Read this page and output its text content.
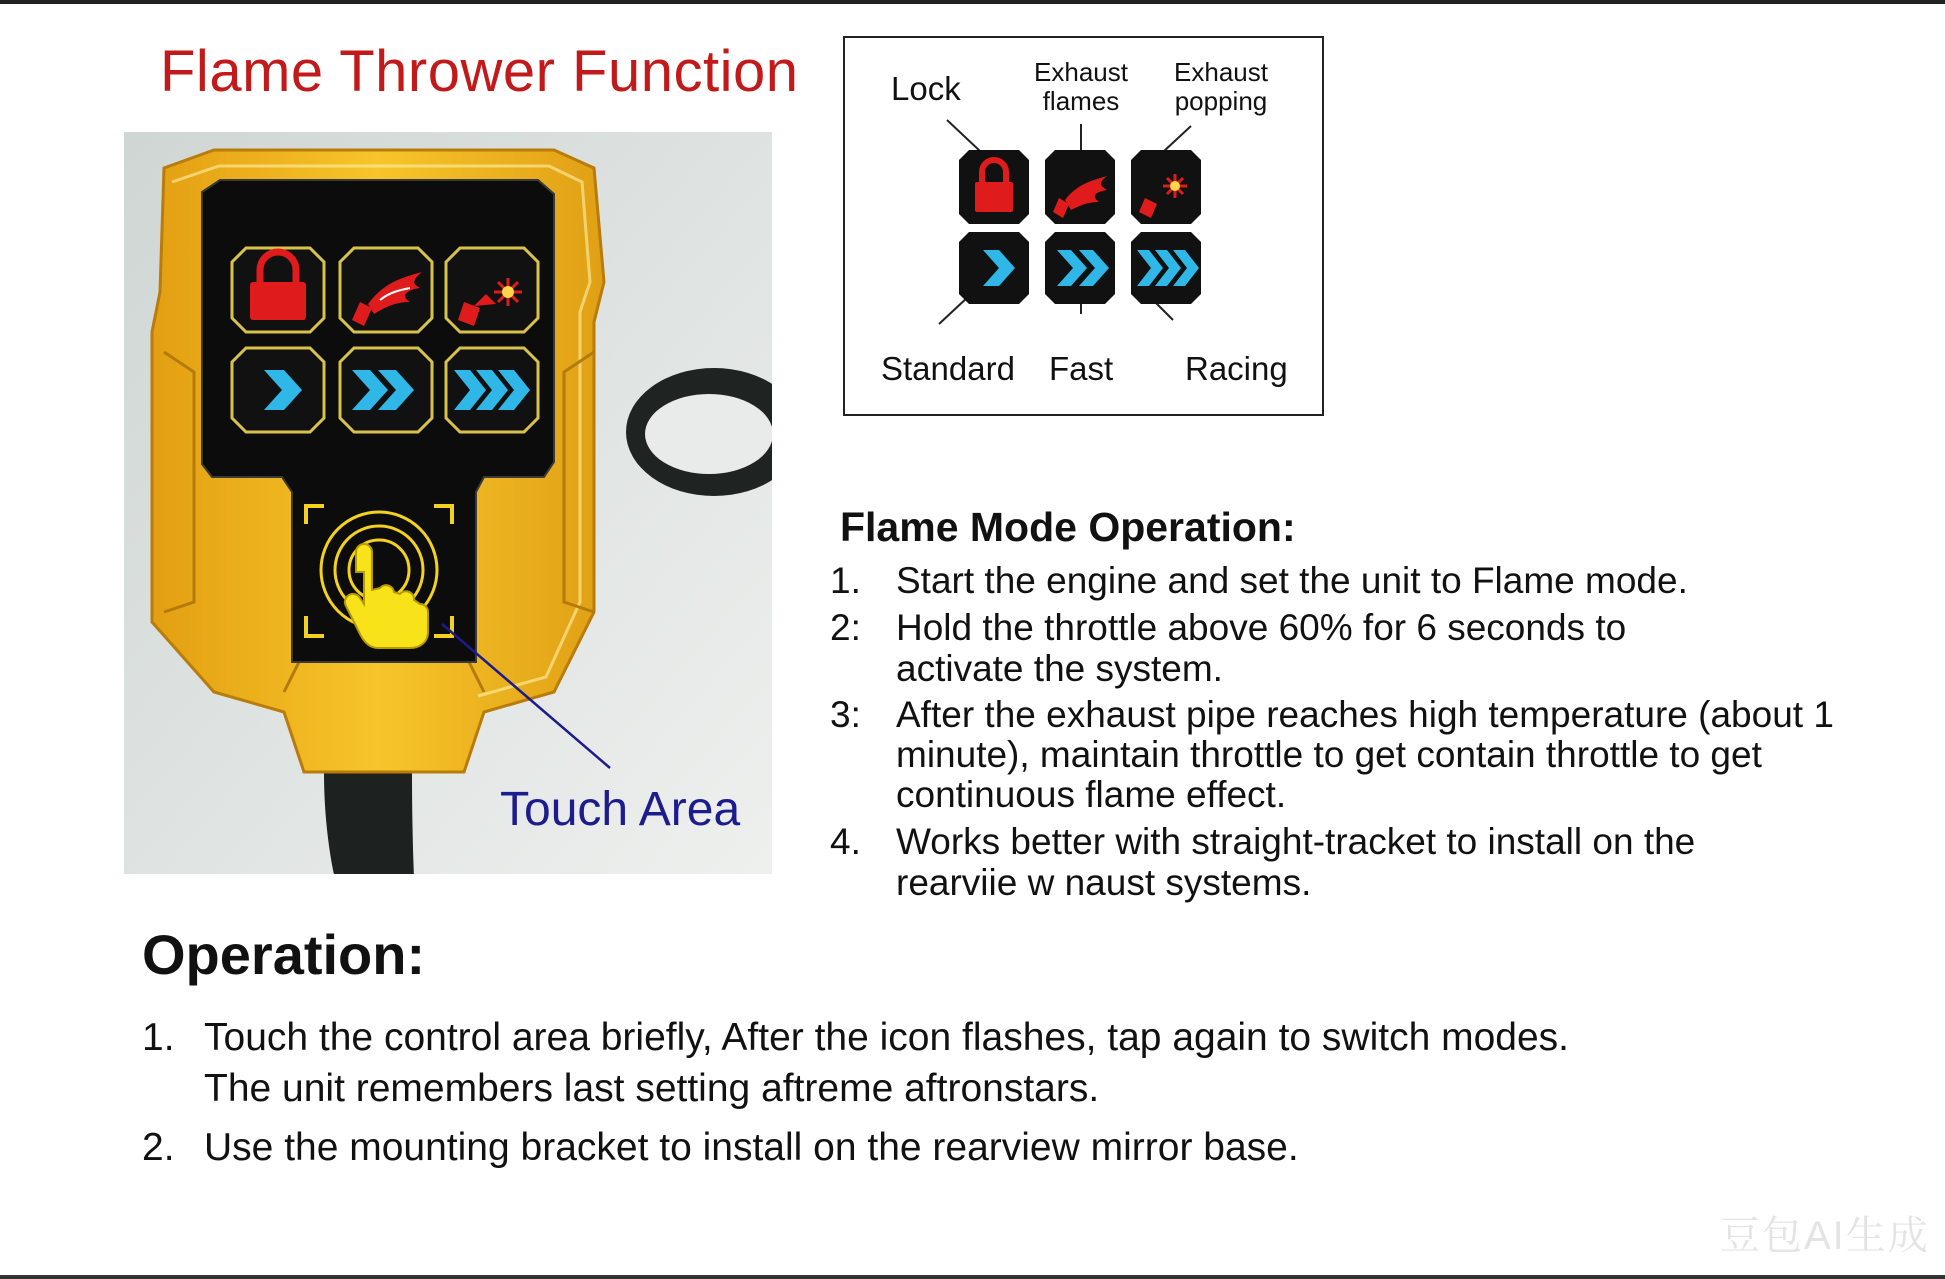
Flame Thrower Function
Touch Area
Lock	Exhaust
flames
Exhaust
popping
Standard Fast Racing
Flame Mode Operation:
1. Start the engine and set the unit to Flame mode.
2: Hold the throttle above 60% for 6 seconds to activate the system.
3: After the exhaust pipe reaches high temperature (about 1 minute), maintain throttle to get contain throttle to get continuous flame effect.
4. Works better with straight-tracket to install on the rearviie w naust systems.
Operation:
1. Touch the control area briefly, After the icon flashes, tap again to switch modes.
The unit remembers last setting aftreme aftronstars.
2. Use the mounting bracket to install on the rearview mirror base.
豆包AI生成
